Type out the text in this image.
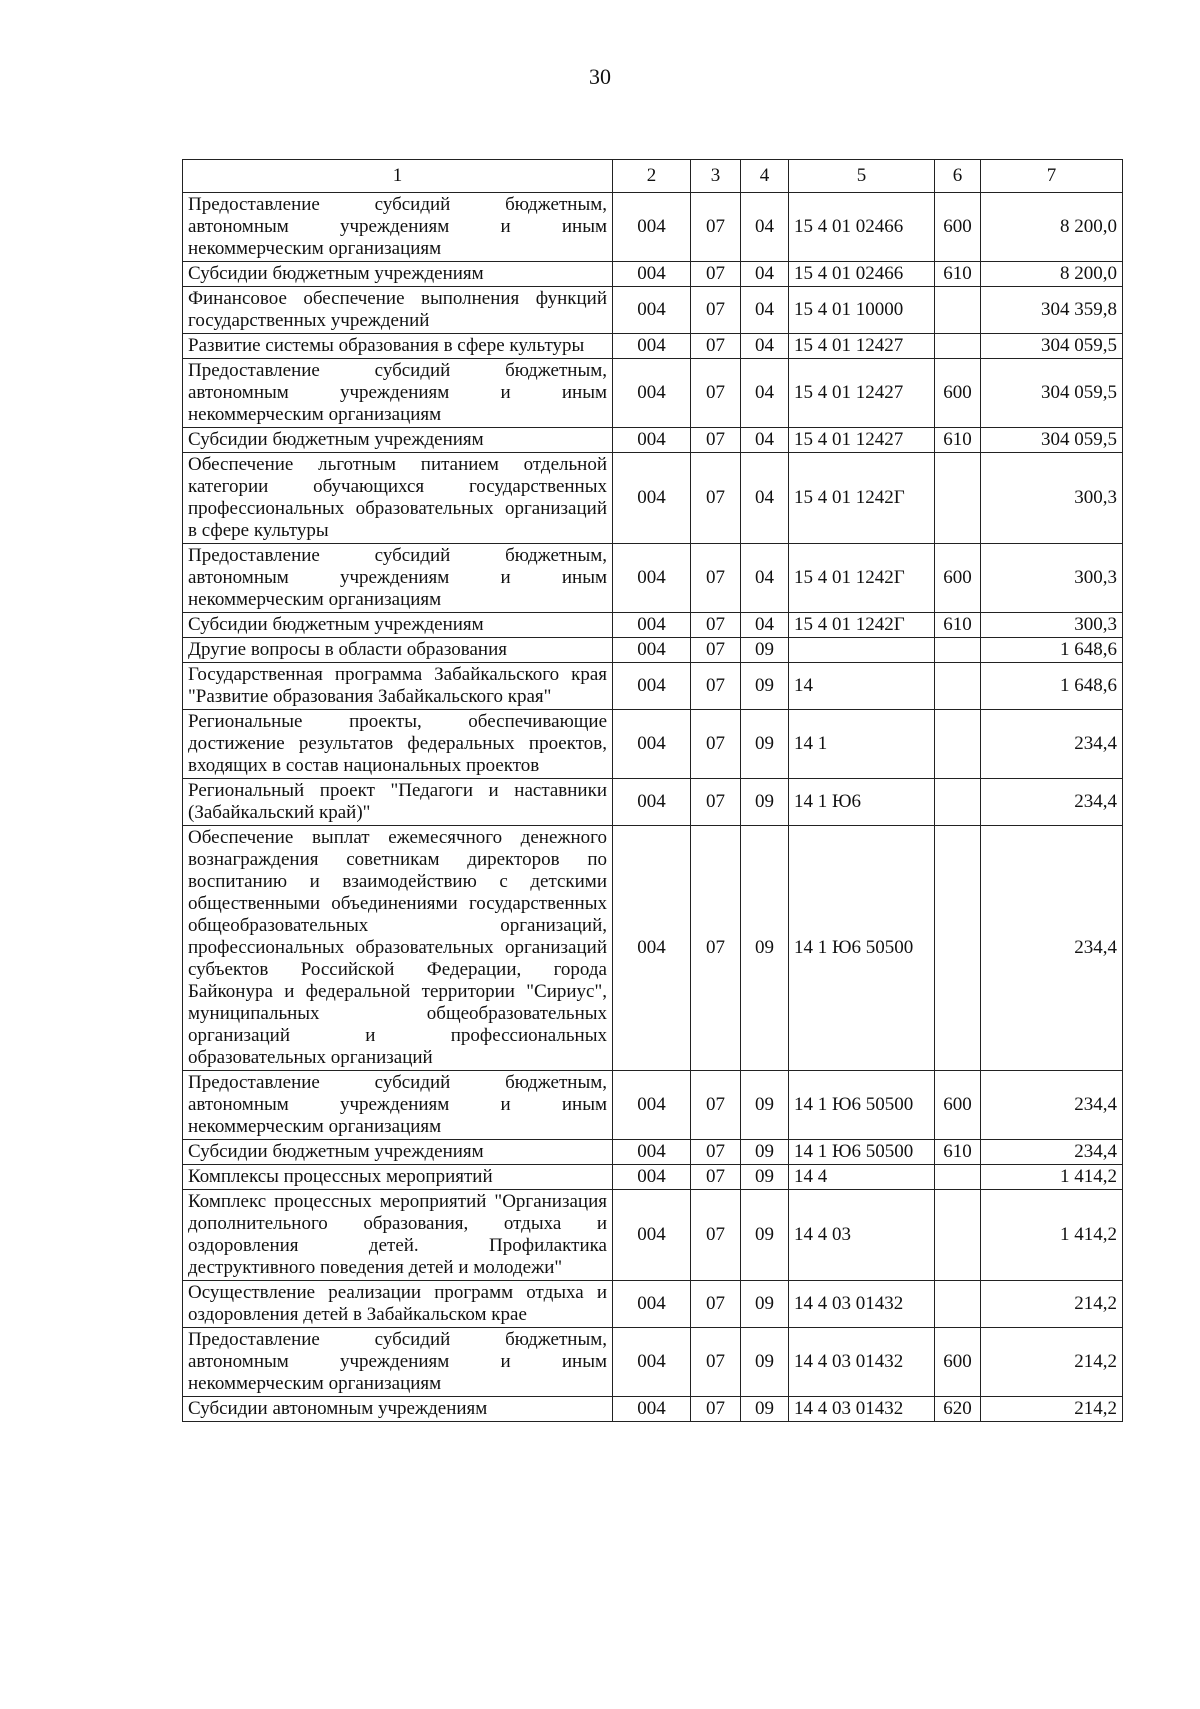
30
1	2	3	4	5	6	7
Предоставление субсидий бюджетным, автономным учреждениям и иным некоммерческим организациям	004	07	04	15 4 01 02466	600	8 200,0
Субсидии бюджетным учреждениям	004	07	04	15 4 01 02466	610	8 200,0
Финансовое обеспечение выполнения функций государственных учреждений	004	07	04	15 4 01 10000		304 359,8
Развитие системы образования в сфере культуры	004	07	04	15 4 01 12427		304 059,5
Предоставление субсидий бюджетным, автономным учреждениям и иным некоммерческим организациям	004	07	04	15 4 01 12427	600	304 059,5
Субсидии бюджетным учреждениям	004	07	04	15 4 01 12427	610	304 059,5
Обеспечение льготным питанием отдельной категории обучающихся государственных профессиональных образовательных организаций в сфере культуры	004	07	04	15 4 01 1242Г		300,3
Предоставление субсидий бюджетным, автономным учреждениям и иным некоммерческим организациям	004	07	04	15 4 01 1242Г	600	300,3
Субсидии бюджетным учреждениям	004	07	04	15 4 01 1242Г	610	300,3
Другие вопросы в области образования	004	07	09			1 648,6
Государственная программа Забайкальского края "Развитие образования Забайкальского края"	004	07	09	14		1 648,6
Региональные проекты, обеспечивающие достижение результатов федеральных проектов, входящих в состав национальных проектов	004	07	09	14 1		234,4
Региональный проект "Педагоги и наставники (Забайкальский край)"	004	07	09	14 1 Ю6		234,4
Обеспечение выплат ежемесячного денежного вознаграждения советникам директоров по воспитанию и взаимодействию с детскими общественными объединениями государственных общеобразовательных организаций, профессиональных образовательных организаций субъектов Российской Федерации, города Байконура и федеральной территории "Сириус", муниципальных общеобразовательных организаций и профессиональных образовательных организаций	004	07	09	14 1 Ю6 50500		234,4
Предоставление субсидий бюджетным, автономным учреждениям и иным некоммерческим организациям	004	07	09	14 1 Ю6 50500	600	234,4
Субсидии бюджетным учреждениям	004	07	09	14 1 Ю6 50500	610	234,4
Комплексы процессных мероприятий	004	07	09	14 4		1 414,2
Комплекс процессных мероприятий "Организация дополнительного образования, отдыха и оздоровления детей. Профилактика деструктивного поведения детей и молодежи"	004	07	09	14 4 03		1 414,2
Осуществление реализации программ отдыха и оздоровления детей в Забайкальском крае	004	07	09	14 4 03 01432		214,2
Предоставление субсидий бюджетным, автономным учреждениям и иным некоммерческим организациям	004	07	09	14 4 03 01432	600	214,2
Субсидии автономным учреждениям	004	07	09	14 4 03 01432	620	214,2
